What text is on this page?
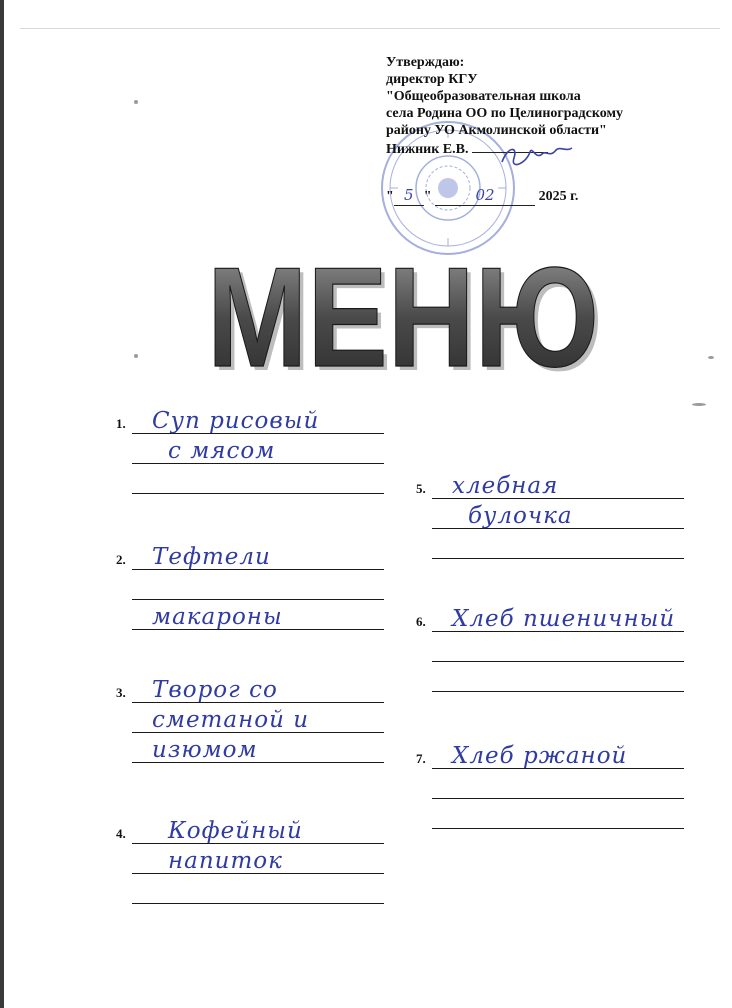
Утверждаю:
директор КГУ
"Общеобразовательная школа
села Родина ОО по Целиноградскому
району УО Акмолинской области"
Нижник Е.В.
" 5 "	02	2025 г.
МЕНЮ
МЕНЮ
1. Суп рисовый
с мясом
2. Тефтели
макароны
3. Творог со
сметаной и
изюмом
4. Кофейный
напиток
5. хлебная
булочка
6. Хлеб пшеничный
7. Хлеб ржаной
